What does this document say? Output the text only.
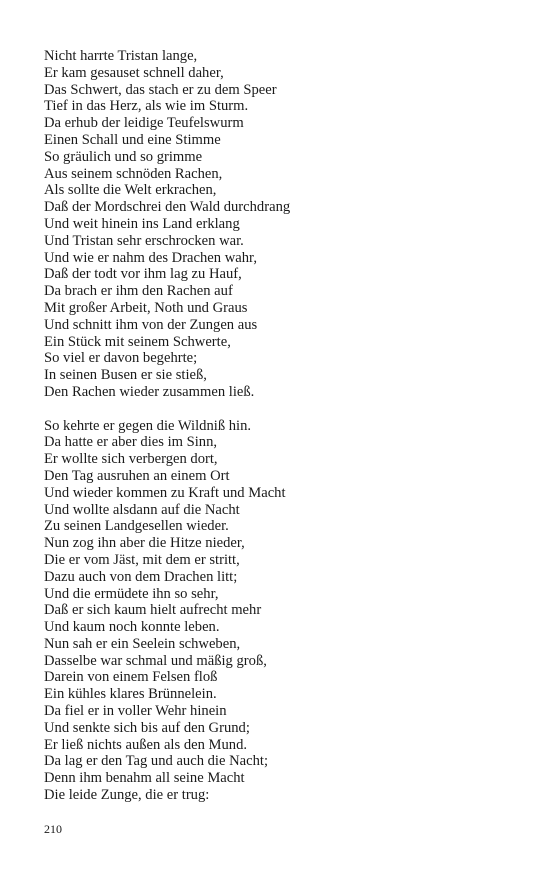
Nicht harrte Tristan lange,
Er kam gesauset schnell daher,
Das Schwert, das stach er zu dem Speer
Tief in das Herz, als wie im Sturm.
Da erhub der leidige Teufelswurm
Einen Schall und eine Stimme
So gräulich und so grimme
Aus seinem schnöden Rachen,
Als sollte die Welt erkrachen,
Daß der Mordschrei den Wald durchdrang
Und weit hinein ins Land erklang
Und Tristan sehr erschrocken war.
Und wie er nahm des Drachen wahr,
Daß der todt vor ihm lag zu Hauf,
Da brach er ihm den Rachen auf
Mit großer Arbeit, Noth und Graus
Und schnitt ihm von der Zungen aus
Ein Stück mit seinem Schwerte,
So viel er davon begehrte;
In seinen Busen er sie stieß,
Den Rachen wieder zusammen ließ.
So kehrte er gegen die Wildniß hin.
Da hatte er aber dies im Sinn,
Er wollte sich verbergen dort,
Den Tag ausruhen an einem Ort
Und wieder kommen zu Kraft und Macht
Und wollte alsdann auf die Nacht
Zu seinen Landgesellen wieder.
Nun zog ihn aber die Hitze nieder,
Die er vom Jäst, mit dem er stritt,
Dazu auch von dem Drachen litt;
Und die ermüdete ihn so sehr,
Daß er sich kaum hielt aufrecht mehr
Und kaum noch konnte leben.
Nun sah er ein Seelein schweben,
Dasselbe war schmal und mäßig groß,
Darein von einem Felsen floß
Ein kühles klares Brünnelein.
Da fiel er in voller Wehr hinein
Und senkte sich bis auf den Grund;
Er ließ nichts außen als den Mund.
Da lag er den Tag und auch die Nacht;
Denn ihm benahm all seine Macht
Die leide Zunge, die er trug:
210
